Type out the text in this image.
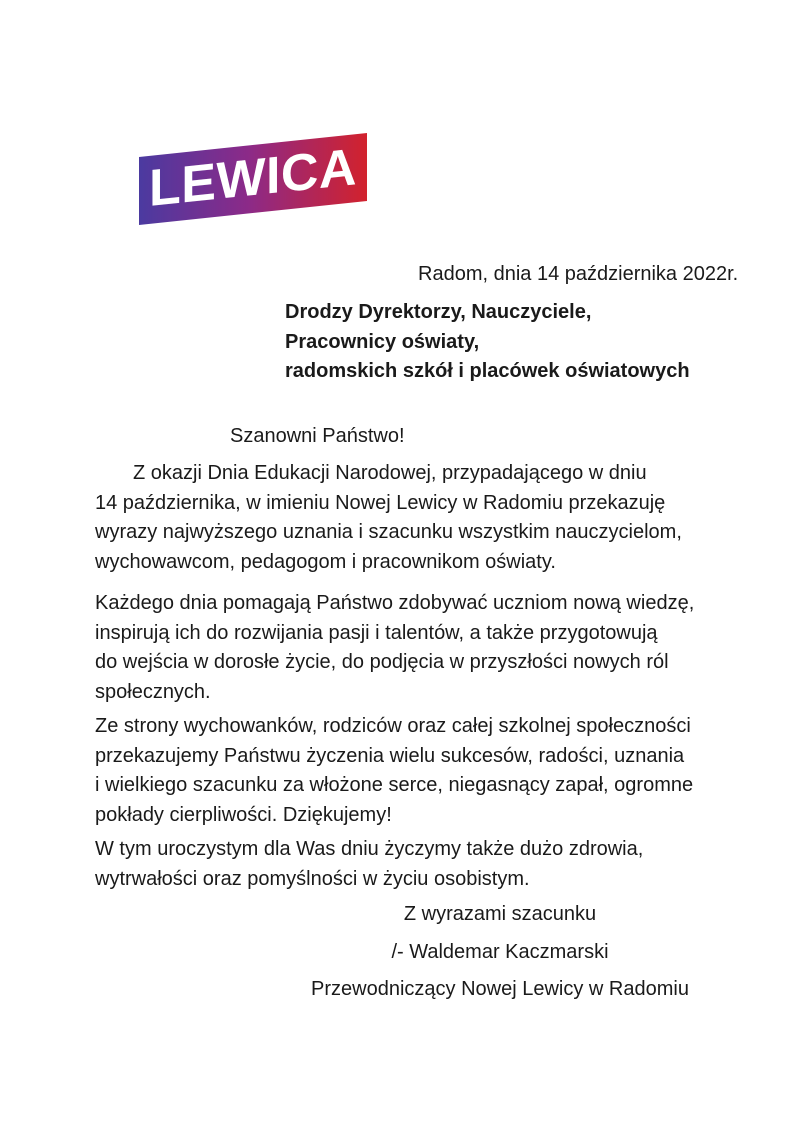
LEWICA
Radom, dnia 14 października 2022r.
Drodzy Dyrektorzy, Nauczyciele,
Pracownicy oświaty,
radomskich szkół i placówek oświatowych
Szanowni Państwo!
Z okazji Dnia Edukacji Narodowej, przypadającego w dniu
14 października, w imieniu Nowej Lewicy w Radomiu przekazuję
wyrazy najwyższego uznania i szacunku wszystkim nauczycielom,
wychowawcom, pedagogom i pracownikom oświaty.
Każdego dnia pomagają Państwo zdobywać uczniom nową wiedzę,
inspirują ich do rozwijania pasji i talentów, a także przygotowują
do wejścia w dorosłe życie, do podjęcia w przyszłości nowych ról
społecznych.
Ze strony wychowanków, rodziców oraz całej szkolnej społeczności
przekazujemy Państwu życzenia wielu sukcesów, radości, uznania
i wielkiego szacunku za włożone serce, niegasnący zapał, ogromne
pokłady cierpliwości. Dziękujemy!
W tym uroczystym dla Was dniu życzymy także dużo zdrowia,
wytrwałości oraz pomyślności w życiu osobistym.
Z wyrazami szacunku
/- Waldemar Kaczmarski
Przewodniczący Nowej Lewicy w Radomiu
